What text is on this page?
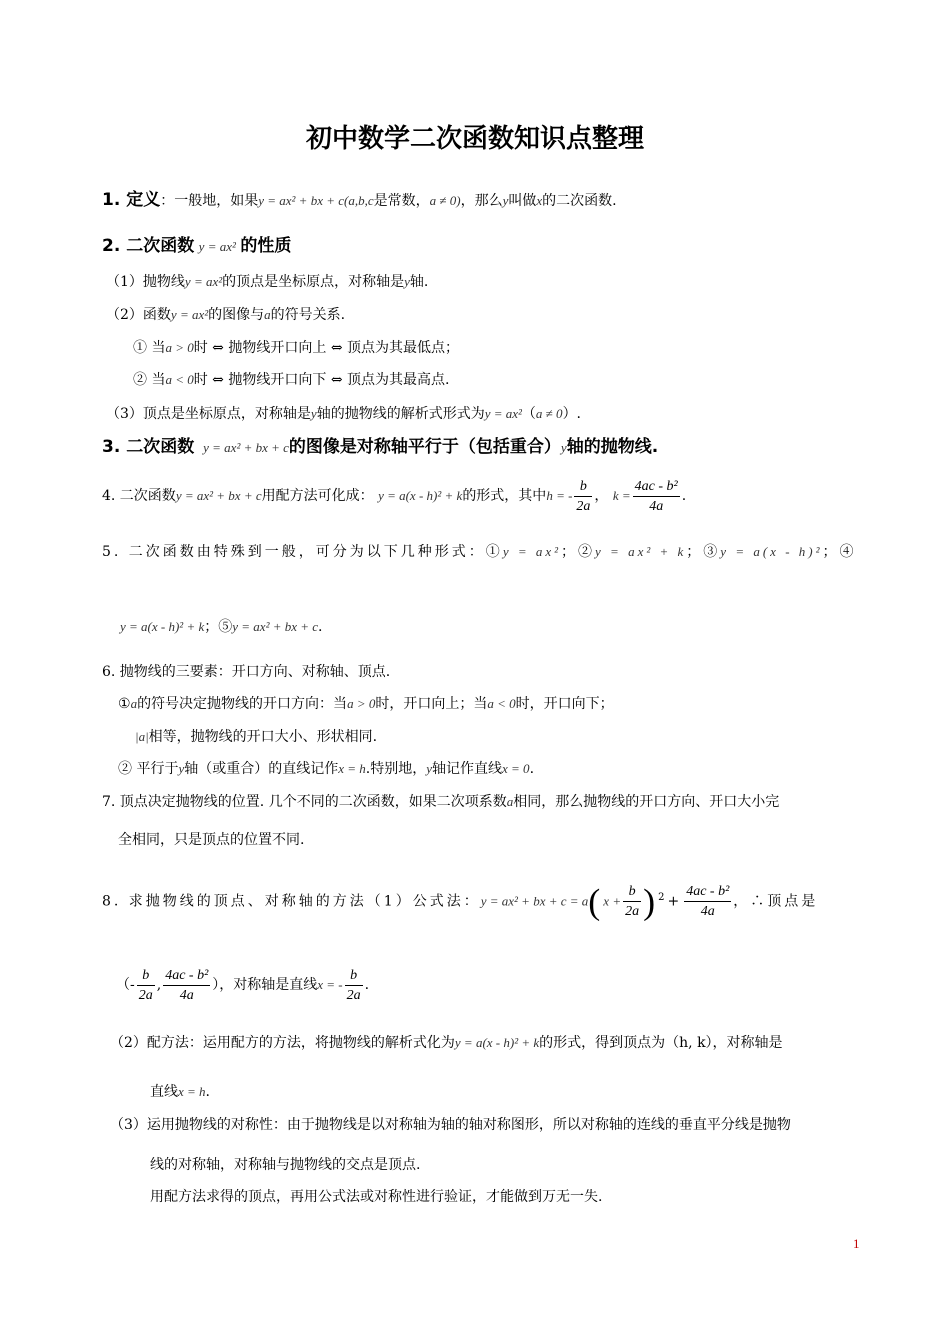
初中数学二次函数知识点整理
1. 定义：一般地，如果y = ax² + bx + c(a,b,c是常数，a ≠ 0)，那么y叫做x的二次函数.
2. 二次函数 y = ax² 的性质
（1）抛物线y = ax²的顶点是坐标原点，对称轴是y轴.
（2）函数y = ax²的图像与a的符号关系.
① 当a > 0时 ⇔ 抛物线开口向上 ⇔ 顶点为其最低点；
② 当a < 0时 ⇔ 抛物线开口向下 ⇔ 顶点为其最高点.
（3）顶点是坐标原点，对称轴是y轴的抛物线的解析式形式为y = ax²（a ≠ 0）.
3. 二次函数 y = ax² + bx + c的图像是对称轴平行于（包括重合）y轴的抛物线.
4. 二次函数y = ax² + bx + c用配方法可化成： y = a(x - h)² + k的形式，其中h = - $\frac{b}{2a}$ ， $k = \frac{\text{4ac - b²}}{4a}$ .
5. 二次函数由特殊到一般，可分为以下几种形式：①y = ax²；②y = ax² + k；③y = a(x - h)²；④
y = a(x - h)² + k；⑤y = ax² + bx + c.
6. 抛物线的三要素：开口方向、对称轴、顶点.
①a的符号决定抛物线的开口方向：当a > 0时，开口向上；当a < 0时，开口向下；
|a|相等，抛物线的开口大小、形状相同.
② 平行于y轴（或重合）的直线记作x = h.特别地，y轴记作直线x = 0.
7. 顶点决定抛物线的位置. 几个不同的二次函数，如果二次项系数a相同，那么抛物线的开口方向、开口大小完
全相同，只是顶点的位置不同.
8. 求抛物线的顶点、对称轴的方法（1）公式法：y = ax² + bx + $c = a(x + \frac{b}{2a} )^2+ \frac{\text{4ac - b²}}{4a}$ ，∴顶点是
（- $\frac{b}{2a}$ , $\frac{\text{4ac - b²}}{4a}$ ），对称轴是直线x = - $\frac{b}{2a}$ .
（2）配方法：运用配方的方法，将抛物线的解析式化为y = a(x - h)² + k的形式，得到顶点为（h, k），对称轴是
直线x = h.
（3）运用抛物线的对称性：由于抛物线是以对称轴为轴的轴对称图形，所以对称轴的连线的垂直平分线是抛物
线的对称轴，对称轴与抛物线的交点是顶点.
用配方法求得的顶点，再用公式法或对称性进行验证，才能做到万无一失.
1
